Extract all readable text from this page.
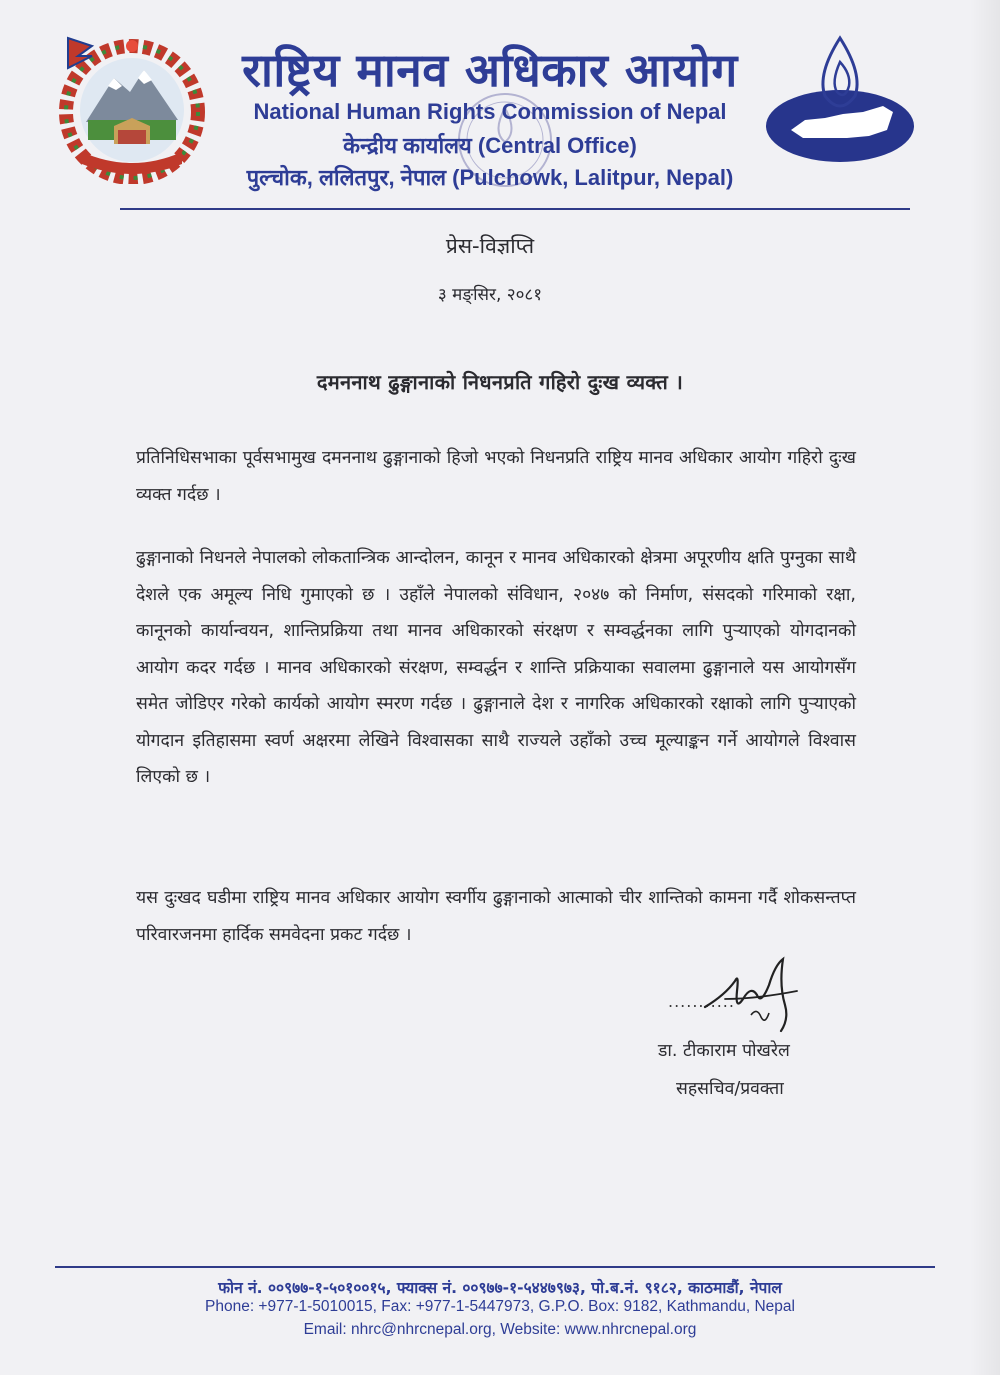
राष्ट्रिय मानव अधिकार आयोग
National Human Rights Commission of Nepal
केन्द्रीय कार्यालय (Central Office)
पुल्चोक, ललितपुर, नेपाल (Pulchowk, Lalitpur, Nepal)
प्रेस-विज्ञप्ति
३ मङ्सिर, २०८१
दमननाथ ढुङ्गानाको निधनप्रति गहिरो दुःख व्यक्त ।
प्रतिनिधिसभाका पूर्वसभामुख दमननाथ ढुङ्गानाको हिजो भएको निधनप्रति राष्ट्रिय मानव अधिकार आयोग गहिरो दुःख व्यक्त गर्दछ ।
ढुङ्गानाको निधनले नेपालको लोकतान्त्रिक आन्दोलन, कानून र मानव अधिकारको क्षेत्रमा अपूरणीय क्षति पुग्नुका साथै देशले एक अमूल्य निधि गुमाएको छ । उहाँले नेपालको संविधान, २०४७ को निर्माण, संसदको गरिमाको रक्षा, कानूनको कार्यान्वयन, शान्तिप्रक्रिया तथा मानव अधिकारको संरक्षण र सम्वर्द्धनका लागि पुर्‍याएको योगदानको आयोग कदर गर्दछ । मानव अधिकारको संरक्षण, सम्वर्द्धन र शान्ति प्रक्रियाका सवालमा ढुङ्गानाले यस आयोगसँग समेत जोडिएर गरेको कार्यको आयोग स्मरण गर्दछ । ढुङ्गानाले देश र नागरिक अधिकारको रक्षाको लागि पुर्‍याएको योगदान इतिहासमा स्वर्ण अक्षरमा लेखिने विश्वासका साथै राज्यले उहाँको उच्च मूल्याङ्कन गर्ने आयोगले विश्वास लिएको छ ।
यस दुःखद घडीमा राष्ट्रिय मानव अधिकार आयोग स्वर्गीय ढुङ्गानाको आत्माको चीर शान्तिको कामना गर्दै शोकसन्तप्त परिवारजनमा हार्दिक समवेदना प्रकट गर्दछ ।
...........
डा. टीकाराम पोखरेल
सहसचिव/प्रवक्ता
फोन नं. ००९७७-१-५०१००१५, फ्याक्स नं. ००९७७-१-५४४७९७३, पो.ब.नं. ९१८२, काठमाडौं, नेपाल
Phone: +977-1-5010015, Fax: +977-1-5447973, G.P.O. Box: 9182, Kathmandu, Nepal
Email: nhrc@nhrcnepal.org, Website: www.nhrcnepal.org
